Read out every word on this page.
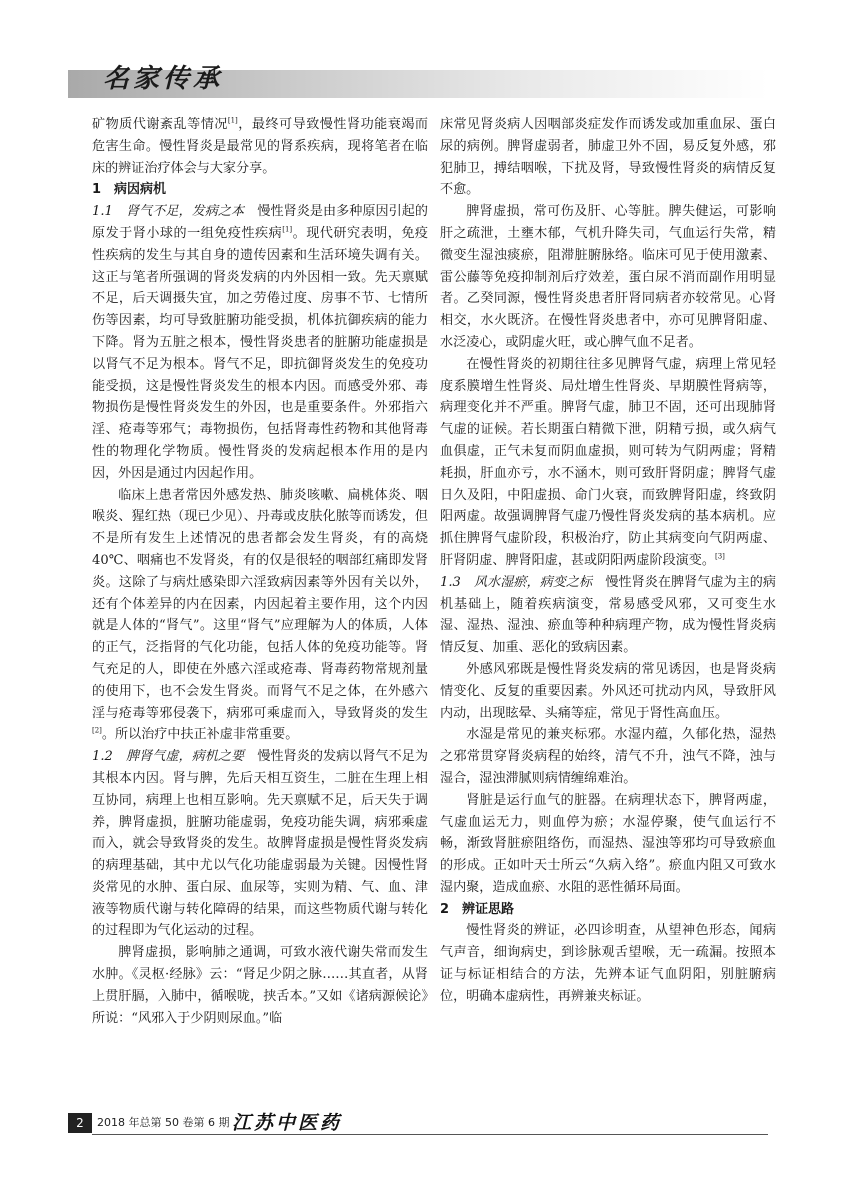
名家传承

矿物质代谢紊乱等情况[1]，最终可导致慢性肾功能衰竭而危害生命。慢性肾炎是最常见的肾系疾病，现将笔者在临床的辨证治疗体会与大家分享。

1　病因病机

1.1　肾气不足，发病之本　慢性肾炎是由多种原因引起的原发于肾小球的一组免疫性疾病[1]。现代研究表明，免疫性疾病的发生与其自身的遗传因素和生活环境失调有关。这正与笔者所强调的肾炎发病的内外因相一致。先天禀赋不足，后天调摄失宜，加之劳倦过度、房事不节、七情所伤等因素，均可导致脏腑功能受损，机体抗御疾病的能力下降。肾为五脏之根本，慢性肾炎患者的脏腑功能虚损是以肾气不足为根本。肾气不足，即抗御肾炎发生的免疫功能受损，这是慢性肾炎发生的根本内因。而感受外邪、毒物损伤是慢性肾炎发生的外因，也是重要条件。外邪指六淫、疮毒等邪气；毒物损伤，包括肾毒性药物和其他肾毒性的物理化学物质。慢性肾炎的发病起根本作用的是内因，外因是通过内因起作用。

临床上患者常因外感发热、肺炎咳嗽、扁桃体炎、咽喉炎、猩红热（现已少见）、丹毒或皮肤化脓等而诱发，但不是所有发生上述情况的患者都会发生肾炎，有的高烧40℃、咽痛也不发肾炎，有的仅是很轻的咽部红痛即发肾炎。这除了与病灶感染即六淫致病因素等外因有关以外，还有个体差异的内在因素，内因起着主要作用，这个内因就是人体的“肾气”。这里“肾气”应理解为人的体质，人体的正气，泛指肾的气化功能，包括人体的免疫功能等。肾气充足的人，即使在外感六淫或疮毒、肾毒药物常规剂量的使用下，也不会发生肾炎。而肾气不足之体，在外感六淫与疮毒等邪侵袭下，病邪可乘虚而入，导致肾炎的发生[2]。所以治疗中扶正补虚非常重要。

1.2　脾肾气虚，病机之要　慢性肾炎的发病以肾气不足为其根本内因。肾与脾，先后天相互资生，二脏在生理上相互协同，病理上也相互影响。先天禀赋不足，后天失于调养，脾肾虚损，脏腑功能虚弱，免疫功能失调，病邪乘虚而入，就会导致肾炎的发生。故脾肾虚损是慢性肾炎发病的病理基础，其中尤以气化功能虚弱最为关键。因慢性肾炎常见的水肿、蛋白尿、血尿等，实则为精、气、血、津液等物质代谢与转化障碍的结果，而这些物质代谢与转化的过程即为气化运动的过程。

脾肾虚损，影响肺之通调，可致水液代谢失常而发生水肿。《灵枢·经脉》云：“肾足少阴之脉……其直者，从肾上贯肝膈，入肺中，循喉咙，挟舌本。”又如《诸病源候论》所说：“风邪入于少阴则尿血。”临

床常见肾炎病人因咽部炎症发作而诱发或加重血尿、蛋白尿的病例。脾肾虚弱者，肺虚卫外不固，易反复外感，邪犯肺卫，搏结咽喉，下扰及肾，导致慢性肾炎的病情反复不愈。

脾肾虚损，常可伤及肝、心等脏。脾失健运，可影响肝之疏泄，土壅木郁，气机升降失司，气血运行失常，精微变生湿浊痰瘀，阻滞脏腑脉络。临床可见于使用激素、雷公藤等免疫抑制剂后疗效差，蛋白尿不消而副作用明显者。乙癸同源，慢性肾炎患者肝肾同病者亦较常见。心肾相交，水火既济。在慢性肾炎患者中，亦可见脾肾阳虚、水泛凌心，或阴虚火旺，或心脾气血不足者。

在慢性肾炎的初期往往多见脾肾气虚，病理上常见轻度系膜增生性肾炎、局灶增生性肾炎、早期膜性肾病等，病理变化并不严重。脾肾气虚，肺卫不固，还可出现肺肾气虚的证候。若长期蛋白精微下泄，阴精亏损，或久病气血俱虚，正气未复而阴血虚损，则可转为气阴两虚；肾精耗损，肝血亦亏，水不涵木，则可致肝肾阴虚；脾肾气虚日久及阳，中阳虚损、命门火衰，而致脾肾阳虚，终致阴阳两虚。故强调脾肾气虚乃慢性肾炎发病的基本病机。应抓住脾肾气虚阶段，积极治疗，防止其病变向气阴两虚、肝肾阴虚、脾肾阳虚，甚或阴阳两虚阶段演变。[3]

1.3　风水湿瘀，病变之标　慢性肾炎在脾肾气虚为主的病机基础上，随着疾病演变，常易感受风邪，又可变生水湿、湿热、湿浊、瘀血等种种病理产物，成为慢性肾炎病情反复、加重、恶化的致病因素。

外感风邪既是慢性肾炎发病的常见诱因，也是肾炎病情变化、反复的重要因素。外风还可扰动内风，导致肝风内动，出现眩晕、头痛等症，常见于肾性高血压。

水湿是常见的兼夹标邪。水湿内蕴，久郁化热，湿热之邪常贯穿肾炎病程的始终，清气不升，浊气不降，浊与湿合，湿浊滞腻则病情缠绵难治。

肾脏是运行血气的脏器。在病理状态下，脾肾两虚，气虚血运无力，则血停为瘀；水湿停聚，使气血运行不畅，渐致肾脏瘀阻络伤，而湿热、湿浊等邪均可导致瘀血的形成。正如叶天士所云“久病入络”。瘀血内阻又可致水湿内聚，造成血瘀、水阻的恶性循环局面。

2　辨证思路

慢性肾炎的辨证，必四诊明查，从望神色形态，闻病气声音，细询病史，到诊脉观舌望喉，无一疏漏。按照本证与标证相结合的方法，先辨本证气血阴阳，别脏腑病位，明确本虚病性，再辨兼夹标证。

2	2018 年总第 50 卷第 6 期 江苏中医药
